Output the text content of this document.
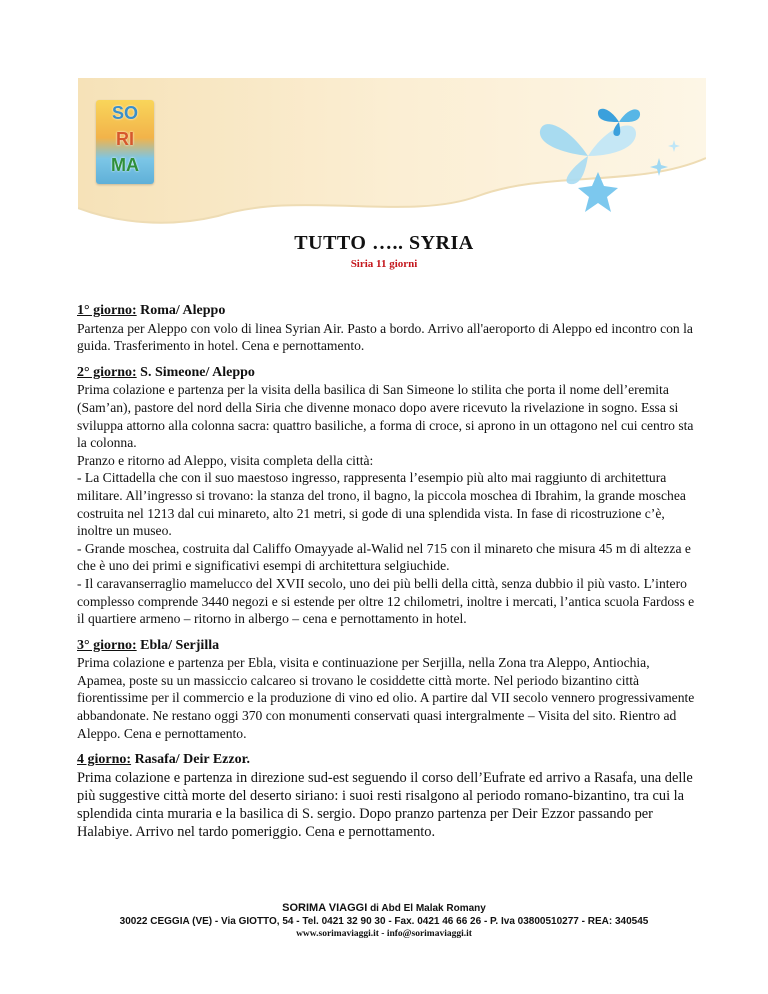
SO
RI
MA
TUTTO ….. SYRIA
Siria 11 giorni
1° giorno: Roma/ Aleppo

Partenza per Aleppo con volo di linea Syrian Air. Pasto a bordo. Arrivo all'aeroporto di Aleppo ed incontro con la guida. Trasferimento in hotel. Cena e pernottamento.

2° giorno: S. Simeone/ Aleppo

Prima colazione e partenza per la visita della basilica di San Simeone lo stilita che porta il nome dell’eremita (Sam’an), pastore del nord della Siria che divenne monaco dopo avere ricevuto la rivelazione in sogno. Essa si sviluppa attorno alla colonna sacra: quattro basiliche, a forma di croce, si aprono in un ottagono nel cui centro sta la colonna.

Pranzo e ritorno ad Aleppo, visita completa della città:

- La Cittadella che con il suo maestoso ingresso, rappresenta l’esempio più alto mai raggiunto di architettura militare. All’ingresso si trovano: la stanza del trono, il bagno, la piccola moschea di Ibrahim, la grande moschea costruita nel 1213 dal cui minareto, alto 21 metri, si gode di una splendida vista. In fase di ricostruzione c’è, inoltre un museo.

- Grande moschea, costruita dal Califfo Omayyade al-Walid nel 715 con il minareto che misura 45 m di altezza e che è uno dei primi e significativi esempi di architettura selgiuchide.

- Il caravanserraglio mamelucco del XVII secolo, uno dei più belli della città, senza dubbio il più vasto. L’intero complesso comprende 3440 negozi e si estende per oltre 12 chilometri, inoltre i mercati, l’antica scuola Fardoss e il quartiere armeno – ritorno in albergo – cena e pernottamento in hotel.

3° giorno: Ebla/ Serjilla

Prima colazione e partenza per Ebla, visita e continuazione per Serjilla, nella Zona tra Aleppo, Antiochia, Apamea, poste su un massiccio calcareo si trovano le cosiddette città morte. Nel periodo bizantino città fiorentissime per il commercio e la produzione di vino ed olio. A partire dal VII secolo vennero progressivamente abbandonate. Ne restano oggi 370 con monumenti conservati quasi intergralmente – Visita del sito. Rientro ad Aleppo. Cena e pernottamento.

4 giorno: Rasafa/ Deir Ezzor.

Prima colazione e partenza in direzione sud-est seguendo il corso dell’Eufrate ed arrivo a Rasafa, una delle più suggestive città morte del deserto siriano: i suoi resti risalgono al periodo romano-bizantino, tra cui la splendida cinta muraria e la basilica di S. sergio. Dopo pranzo partenza per Deir Ezzor passando per Halabiye. Arrivo nel tardo pomeriggio. Cena e pernottamento.

SORIMA VIAGGI di Abd El Malak Romany
30022 CEGGIA (VE) - Via GIOTTO, 54 - Tel. 0421 32 90 30 - Fax. 0421 46 66 26 - P. Iva 03800510277 - REA: 340545
www.sorimaviaggi.it - info@sorimaviaggi.it
